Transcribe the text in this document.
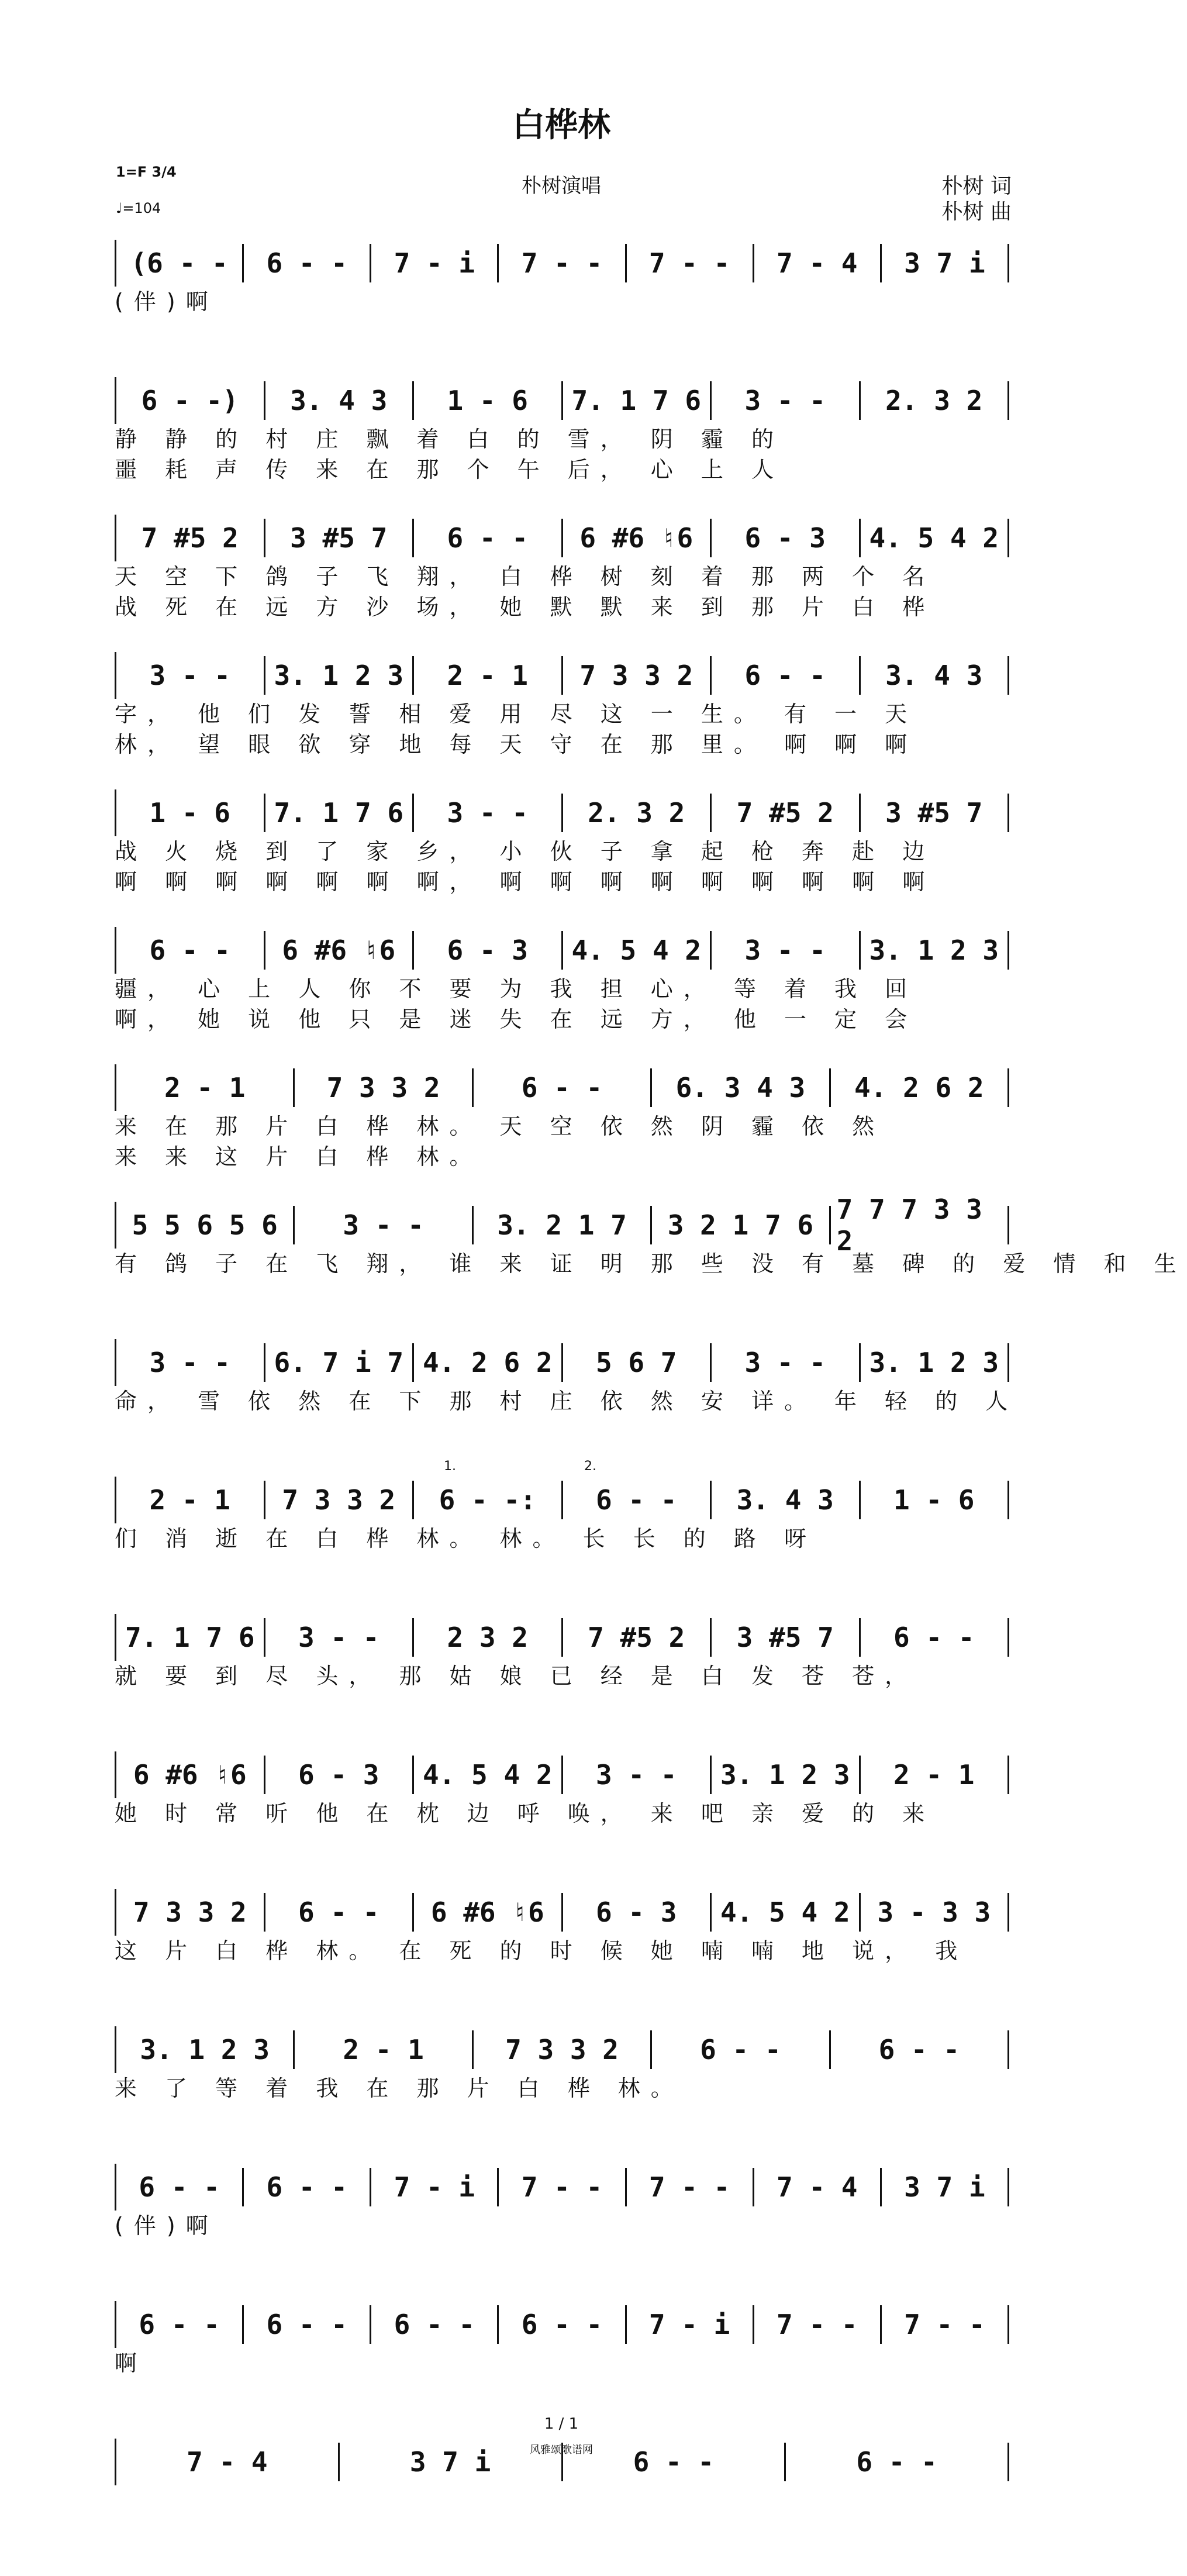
白桦林
1=F 3/4
♩=104
朴树演唱	朴树 词
朴树 曲
(6 - - 6 - - 7 - i 7 - - 7 - - 7 - 4 3 7 i
(伴)啊
6 - -) 3. 4 3 1 - 6 7. 1 7 6 3 - - 2. 3 2
静 静 的 村 庄 飘 着 白 的 雪， 阴 霾 的
噩 耗 声 传 来 在 那 个 午 后， 心 上 人
7 #5 2 3 #5 7 6 - - 6 #6 ♮6 6 - 3 4. 5 4 2
天 空 下 鸽 子 飞 翔， 白 桦 树 刻 着 那 两 个 名
战 死 在 远 方 沙 场， 她 默 默 来 到 那 片 白 桦
3 - - 3. 1 2 3 2 - 1 7 3 3 2 6 - - 3. 4 3
字， 他 们 发 誓 相 爱 用 尽 这 一 生。 有 一 天
林， 望 眼 欲 穿 地 每 天 守 在 那 里。 啊 啊 啊
1 - 6 7. 1 7 6 3 - - 2. 3 2 7 #5 2 3 #5 7
战 火 烧 到 了 家 乡， 小 伙 子 拿 起 枪 奔 赴 边
啊 啊 啊 啊 啊 啊 啊， 啊 啊 啊 啊 啊 啊 啊 啊 啊
6 - - 6 #6 ♮6 6 - 3 4. 5 4 2 3 - - 3. 1 2 3
疆， 心 上 人 你 不 要 为 我 担 心， 等 着 我 回
啊， 她 说 他 只 是 迷 失 在 远 方， 他 一 定 会
2 - 1	7 3 3 2	6 - -	6. 3 4 3 4. 2 6 2
来 在 那 片 白 桦 林。 天 空 依 然 阴 霾 依 然
来 来 这 片 白 桦 林。
5 5 6 5 6 3 - -	3. 2 1 7 3 2 1 7 6 7 7 7 3 3 2
有 鸽 子 在 飞 翔， 谁 来 证 明 那 些 没 有 墓 碑 的 爱 情 和 生
3 - - 6. 7 i 7 4. 2 6 2 5 6 7	3 - - 3. 1 2 3
命， 雪 依 然 在 下 那 村 庄 依 然 安 详。 年 轻 的 人
2 - 1 7 3 3 2 6 - -: 6 - - 3. 4 3 1 - 6
1.	2.
们 消 逝 在 白 桦 林。 林。 长 长 的 路 呀
7. 1 7 6 3 - -	2 3 2 7 #5 2 3 #5 7 6 - -
就 要 到 尽 头， 那 姑 娘 已 经 是 白 发 苍 苍，
6 #6 ♮6 6 - 3 4. 5 4 2 3 - - 3. 1 2 3 2 - 1
她 时 常 听 他 在 枕 边 呼 唤， 来 吧 亲 爱 的 来
7 3 3 2 6 - - 6 #6 ♮6 6 - 3 4. 5 4 2 3 - 3 3
这 片 白 桦 林。 在 死 的 时 候 她 喃 喃 地 说， 我
3. 1 2 3	2 - 1	7 3 3 2	6 - -	6 - -
来 了 等 着 我 在 那 片 白 桦 林。
6 - - 6 - - 7 - i 7 - - 7 - - 7 - 4 3 7 i
(伴)啊
6 - - 6 - - 6 - - 6 - - 7 - i 7 - - 7 - -
啊
7 - 4	3 7 i	6 - -	6 - -
1 / 1
风雅颂歌谱网
